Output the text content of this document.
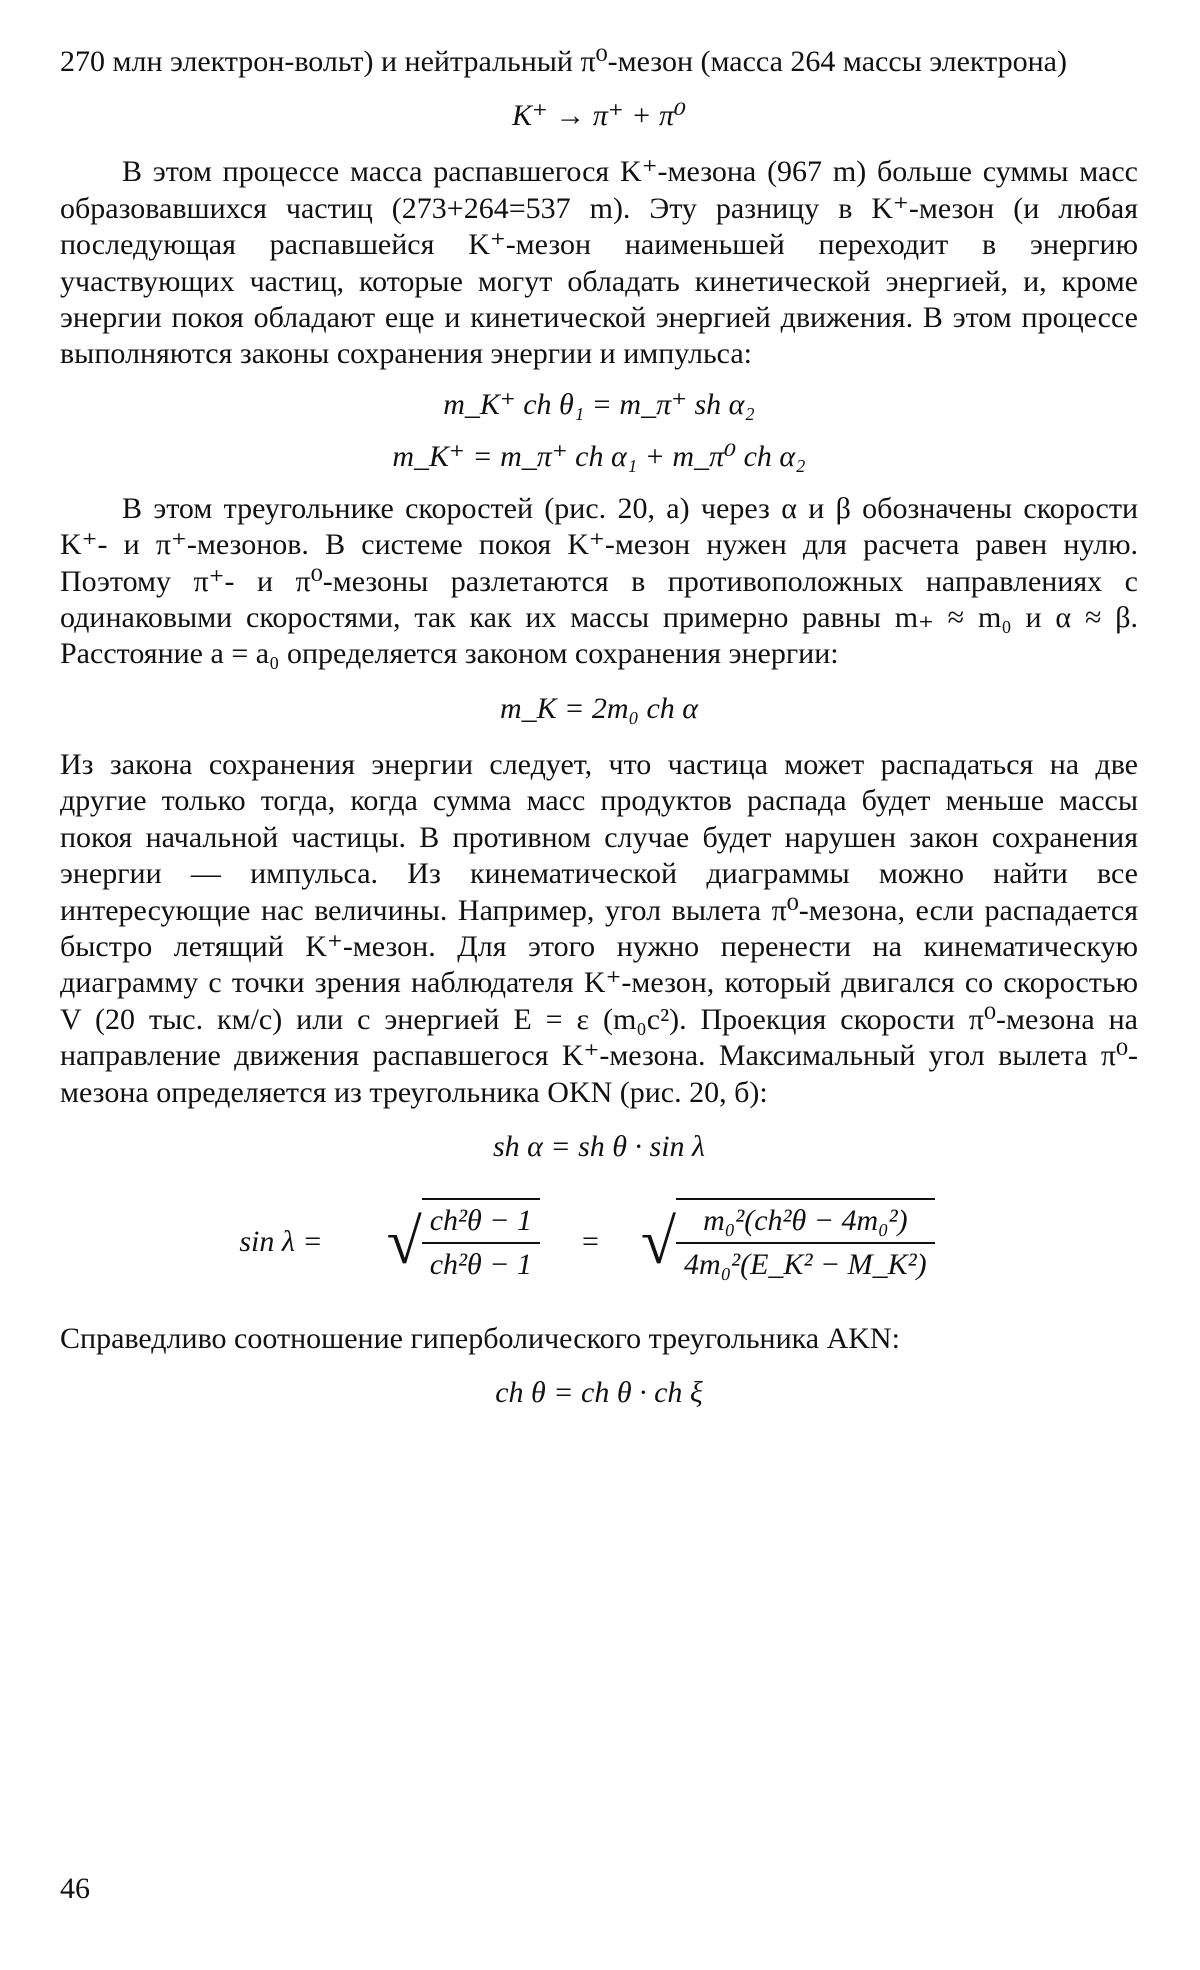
270 млн электрон-вольт) и нейтральный π⁰-мезон (масса 264 массы электрона)

K⁺ → π⁺ + π⁰

В этом процессе масса распавшегося K⁺-мезона (967 m) больше суммы масс образовавшихся частиц (273+264=537 m). Эту разницу в K⁺-мезон (и любая последующая распавшейся K⁺-мезон наименьшей переходит в энергию участвующих частиц, которые могут обладать кинетической энергией, и, кроме энергии покоя обладают еще и кинетической энергией движения. В этом процессе выполняются законы сохранения энергии и импульса:

m_K⁺ ch θ₁ = m_π⁺ sh α₂
m_K⁺ = m_π⁺ ch α₁ + m_π⁰ ch α₂

В этом треугольнике скоростей (рис. 20, а) через α и β обозначены скорости K⁺- и π⁺-мезонов. В системе покоя K⁺-мезон нужен для расчета равен нулю. Поэтому π⁺- и π⁰-мезоны разлетаются в противоположных направлениях с одинаковыми скоростями, так как их массы примерно равны m₊ ≈ m₀ и α ≈ β. Расстояние a = a₀ определяется законом сохранения энергии:

m_K = 2m₀ ch α

Из закона сохранения энергии следует, что частица может распадаться на две другие только тогда, когда сумма масс продуктов распада будет меньше массы покоя начальной частицы. В противном случае будет нарушен закон сохранения энергии — импульса. Из кинематической диаграммы можно найти все интересующие нас величины. Например, угол вылета π⁰-мезона, если распадается быстро летящий K⁺-мезон. Для этого нужно перенести на кинематическую диаграмму с точки зрения наблюдателя K⁺-мезон, который двигался со скоростью V (20 тыс. км/с) или с энергией E = ε (m₀c²). Проекция скорости π⁰-мезона на направление движения распавшегося K⁺-мезона. Максимальный угол вылета π⁰-мезона определяется из треугольника OKN (рис. 20, б):

sh α = sh θ · sin λ
sin λ = √ $\frac{\text{ch²θ − 1}}{\text{ch²θ − 1}}$ = √ $\frac{\text{m₀²(ch²θ − 4m₀²)}}{\text{4m₀²(E\_K² − M\_K²)}}$

Справедливо соотношение гиперболического треугольника AKN:

ch θ = ch θ · ch ξ
46
